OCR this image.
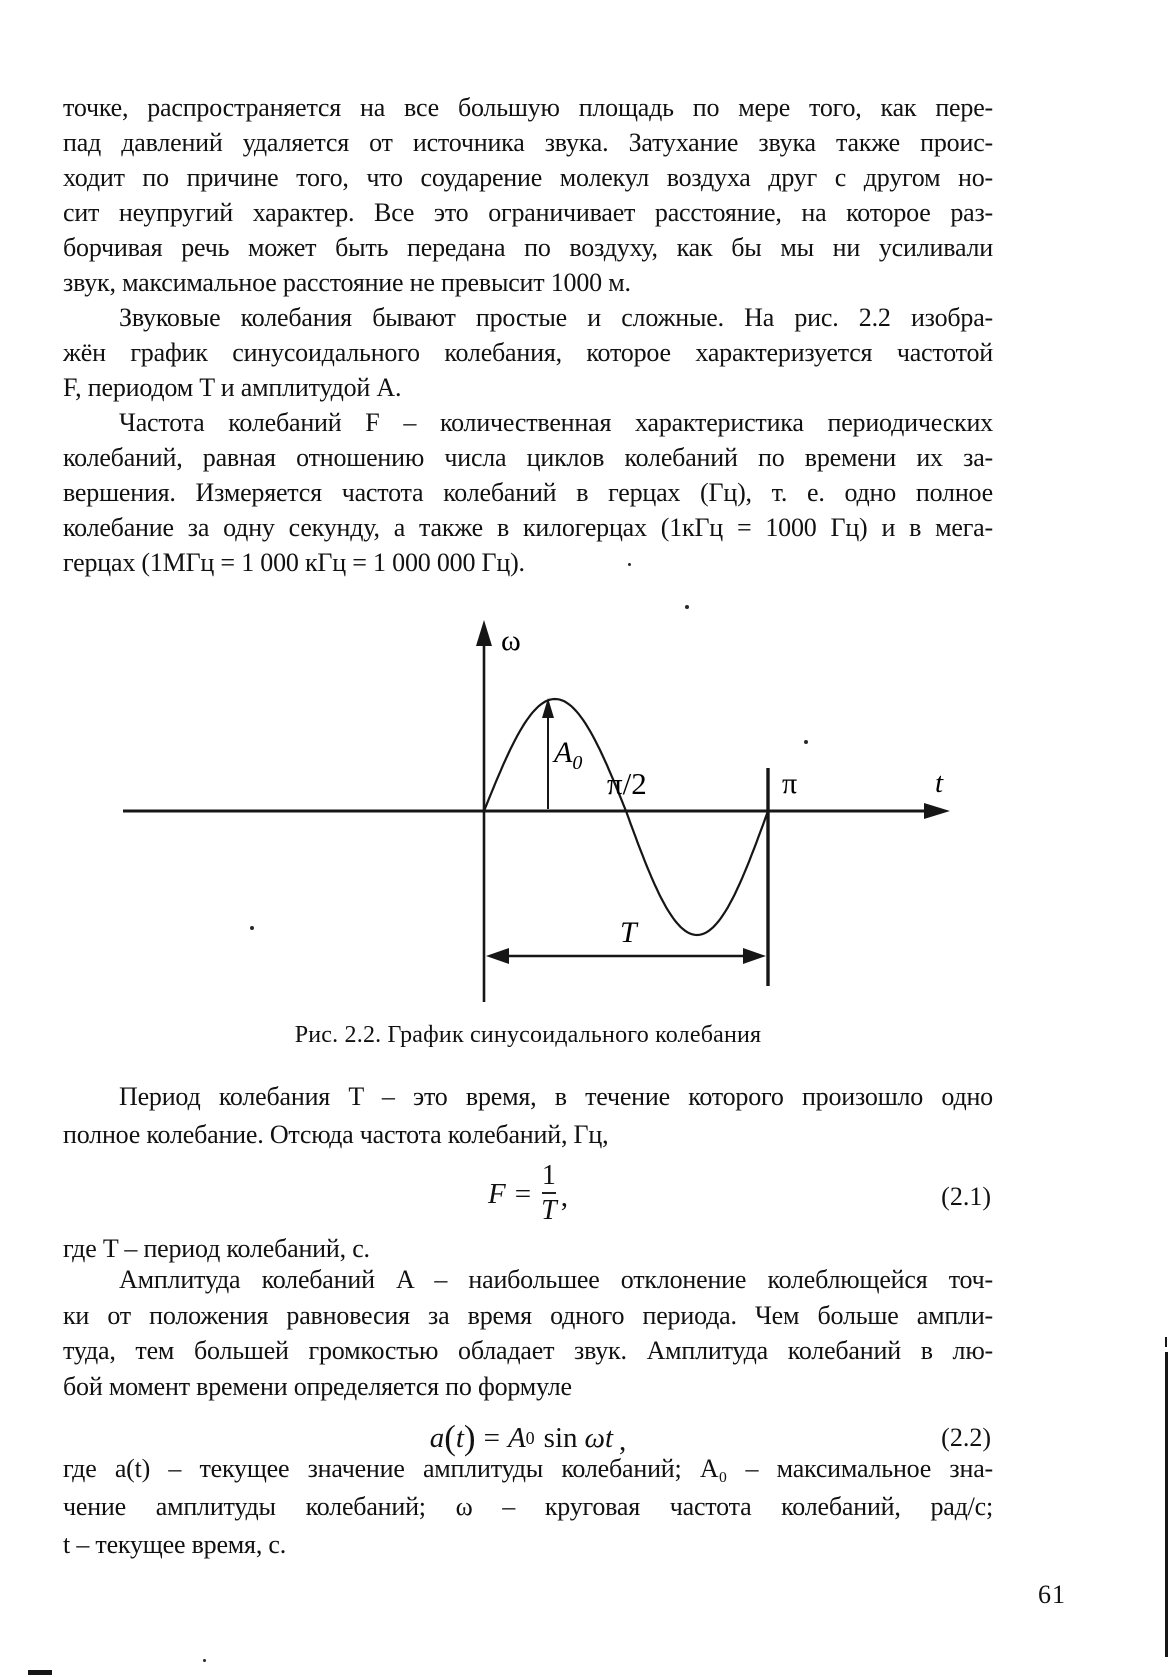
точке, распространяется на все большую площадь по мере того, как пере-
пад давлений удаляется от источника звука. Затухание звука также проис-
ходит по причине того, что соударение молекул воздуха друг с другом но-
сит неупругий характер. Все это ограничивает расстояние, на которое раз-
борчивая речь может быть передана по воздуху, как бы мы ни усиливали
звук, максимальное расстояние не превысит 1000 м.
Звуковые колебания бывают простые и сложные. На рис. 2.2 изобра-
жён график синусоидального колебания, которое характеризуется частотой
F, периодом T и амплитудой A.
Частота колебаний F – количественная характеристика периодических
колебаний, равная отношению числа циклов колебаний по времени их за-
вершения. Измеряется частота колебаний в герцах (Гц), т. е. одно полное
колебание за одну секунду, а также в килогерцах (1кГц = 1000 Гц) и в мега-
герцах (1МГц = 1 000 кГц = 1 000 000 Гц).
ω
t
$A_0$
π/2	π
T
Рис. 2.2. График синусоидального колебания
Период колебания T – это время, в течение которого произошло одно
полное колебание. Отсюда частота колебаний, Гц,
$F = \frac{1}{T}$ ,	(2.1)
где T – период колебаний, с.
Амплитуда колебаний A – наибольшее отклонение колеблющейся точ-
ки от положения равновесия за время одного периода. Чем больше ампли-
туда, тем большей громкостью обладает звук. Амплитуда колебаний в лю-
бой момент времени определяется по формуле
a ( t ) = A 0 sin ωt ,	(2.2)
где a(t) – текущее значение амплитуды колебаний; A₀ – максимальное зна-
чение амплитуды колебаний; ω – круговая частота колебаний, рад/с;
t – текущее время, с.
61
